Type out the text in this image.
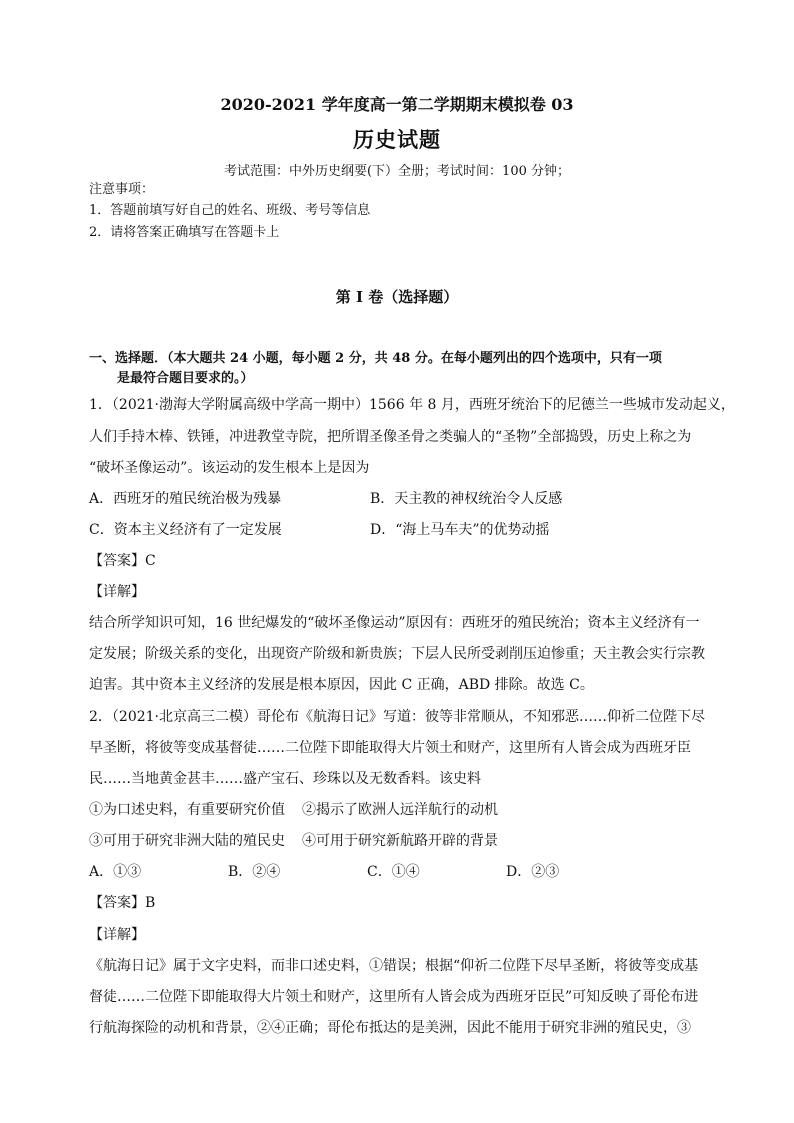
2020-2021 学年度高一第二学期期末模拟卷 03
历史试题
考试范围：中外历史纲要(下）全册；考试时间：100 分钟；
注意事项：
1．答题前填写好自己的姓名、班级、考号等信息
2．请将答案正确填写在答题卡上
第 I 卷（选择题）
一、选择题．（本大题共 24 小题，每小题 2 分，共 48 分。在每小题列出的四个选项中，只有一项
是最符合题目要求的。）
1．（2021·渤海大学附属高级中学高一期中）1566 年 8 月，西班牙统治下的尼德兰一些城市发动起义，
人们手持木棒、铁锤，冲进教堂寺院，把所谓圣像圣骨之类骗人的“圣物”全部捣毁，历史上称之为
“破坏圣像运动”。该运动的发生根本上是因为
A．西班牙的殖民统治极为残暴	B．天主教的神权统治令人反感
C．资本主义经济有了一定发展	D．“海上马车夫”的优势动摇
【答案】C
【详解】
结合所学知识可知，16 世纪爆发的“破坏圣像运动”原因有：西班牙的殖民统治；资本主义经济有一
定发展；阶级关系的变化，出现资产阶级和新贵族；下层人民所受剥削压迫惨重；天主教会实行宗教
迫害。其中资本主义经济的发展是根本原因，因此 C 正确，ABD 排除。故选 C。
2．（2021·北京高三二模）哥伦布《航海日记》写道：彼等非常顺从，不知邪恶……仰祈二位陛下尽
早圣断，将彼等变成基督徒……二位陛下即能取得大片领土和财产，这里所有人皆会成为西班牙臣
民……当地黄金甚丰……盛产宝石、珍珠以及无数香料。该史料
①为口述史料，有重要研究价值 ②揭示了欧洲人远洋航行的动机
③可用于研究非洲大陆的殖民史 ④可用于研究新航路开辟的背景
A．①③	B．②④	C．①④	D．②③
【答案】B
【详解】
《航海日记》属于文字史料，而非口述史料，①错误；根据“仰祈二位陛下尽早圣断，将彼等变成基
督徒……二位陛下即能取得大片领土和财产，这里所有人皆会成为西班牙臣民”可知反映了哥伦布进
行航海探险的动机和背景，②④正确；哥伦布抵达的是美洲，因此不能用于研究非洲的殖民史，③
